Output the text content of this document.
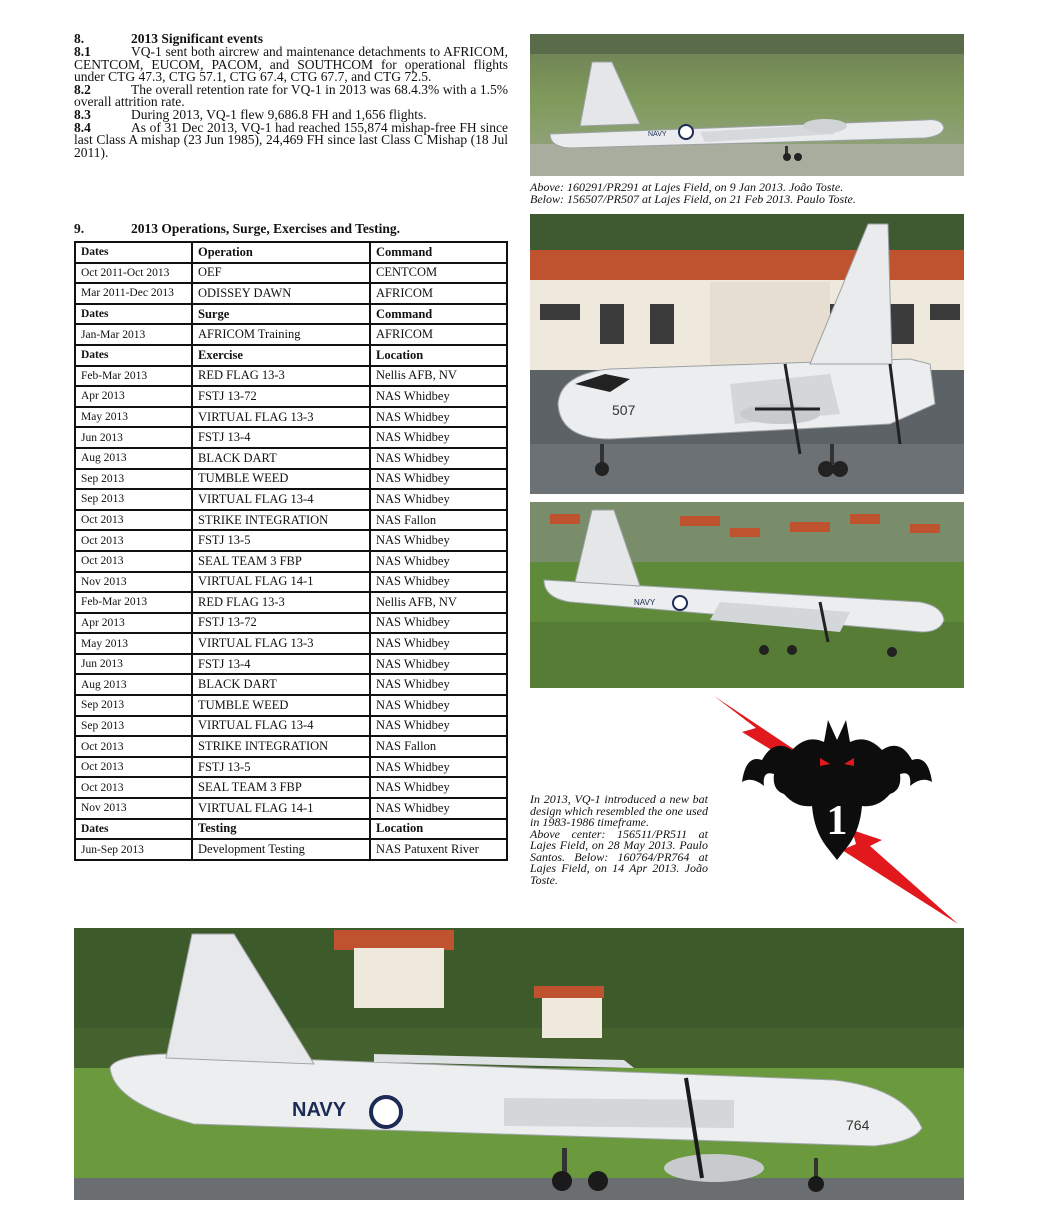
8.	2013 Significant events
8.1	VQ-1 sent both aircrew and maintenance detachments to AFRICOM, CENTCOM, EUCOM, PACOM, and SOUTHCOM for operational flights under CTG 47.3, CTG 57.1, CTG 67.4, CTG 67.7, and CTG 72.5.
8.2	The overall retention rate for VQ-1 in 2013 was 68.4.3% with a 1.5% overall attrition rate.
8.3	During 2013, VQ-1 flew 9,686.8 FH and 1,656 flights.
8.4	As of 31 Dec 2013, VQ-1 had reached 155,874 mishap-free FH since last Class A mishap (23 Jun 1985), 24,469 FH since last Class C Mishap (18 Jul 2011).
9.	2013 Operations, Surge, Exercises and Testing.
Dates	Operation	Command
Oct 2011-Oct 2013	OEF	CENTCOM
Mar 2011-Dec 2013	ODISSEY DAWN	AFRICOM
Dates	Surge	Command
Jan-Mar 2013	AFRICOM Training	AFRICOM
Dates	Exercise	Location
Feb-Mar 2013	RED FLAG 13-3	Nellis AFB, NV
Apr 2013	FSTJ 13-72	NAS Whidbey
May 2013	VIRTUAL FLAG 13-3	NAS Whidbey
Jun 2013	FSTJ 13-4	NAS Whidbey
Aug 2013	BLACK DART	NAS Whidbey
Sep 2013	TUMBLE WEED	NAS Whidbey
Sep 2013	VIRTUAL FLAG 13-4	NAS Whidbey
Oct 2013	STRIKE INTEGRATION	NAS Fallon
Oct 2013	FSTJ 13-5	NAS Whidbey
Oct 2013	SEAL TEAM 3 FBP	NAS Whidbey
Nov 2013	VIRTUAL FLAG 14-1	NAS Whidbey
Feb-Mar 2013	RED FLAG 13-3	Nellis AFB, NV
Apr 2013	FSTJ 13-72	NAS Whidbey
May 2013	VIRTUAL FLAG 13-3	NAS Whidbey
Jun 2013	FSTJ 13-4	NAS Whidbey
Aug 2013	BLACK DART	NAS Whidbey
Sep 2013	TUMBLE WEED	NAS Whidbey
Sep 2013	VIRTUAL FLAG 13-4	NAS Whidbey
Oct 2013	STRIKE INTEGRATION	NAS Fallon
Oct 2013	FSTJ 13-5	NAS Whidbey
Oct 2013	SEAL TEAM 3 FBP	NAS Whidbey
Nov 2013	VIRTUAL FLAG 14-1	NAS Whidbey
Dates	Testing	Location
Jun-Sep 2013	Development Testing	NAS Patuxent River
NAVY
Above: 160291/PR291 at Lajes Field, on 9 Jan 2013. João Toste.
Below: 156507/PR507 at Lajes Field, on 21 Feb 2013. Paulo Toste.
507
NAVY
1
In 2013, VQ-1 introduced a new bat design which resembled the one used in 1983-1986 timeframe.
Above center: 156511/PR511 at Lajes Field, on 28 May 2013. Paulo Santos. Below: 160764/PR764 at Lajes Field, on 14 Apr 2013. João Toste.
NAVY
764
